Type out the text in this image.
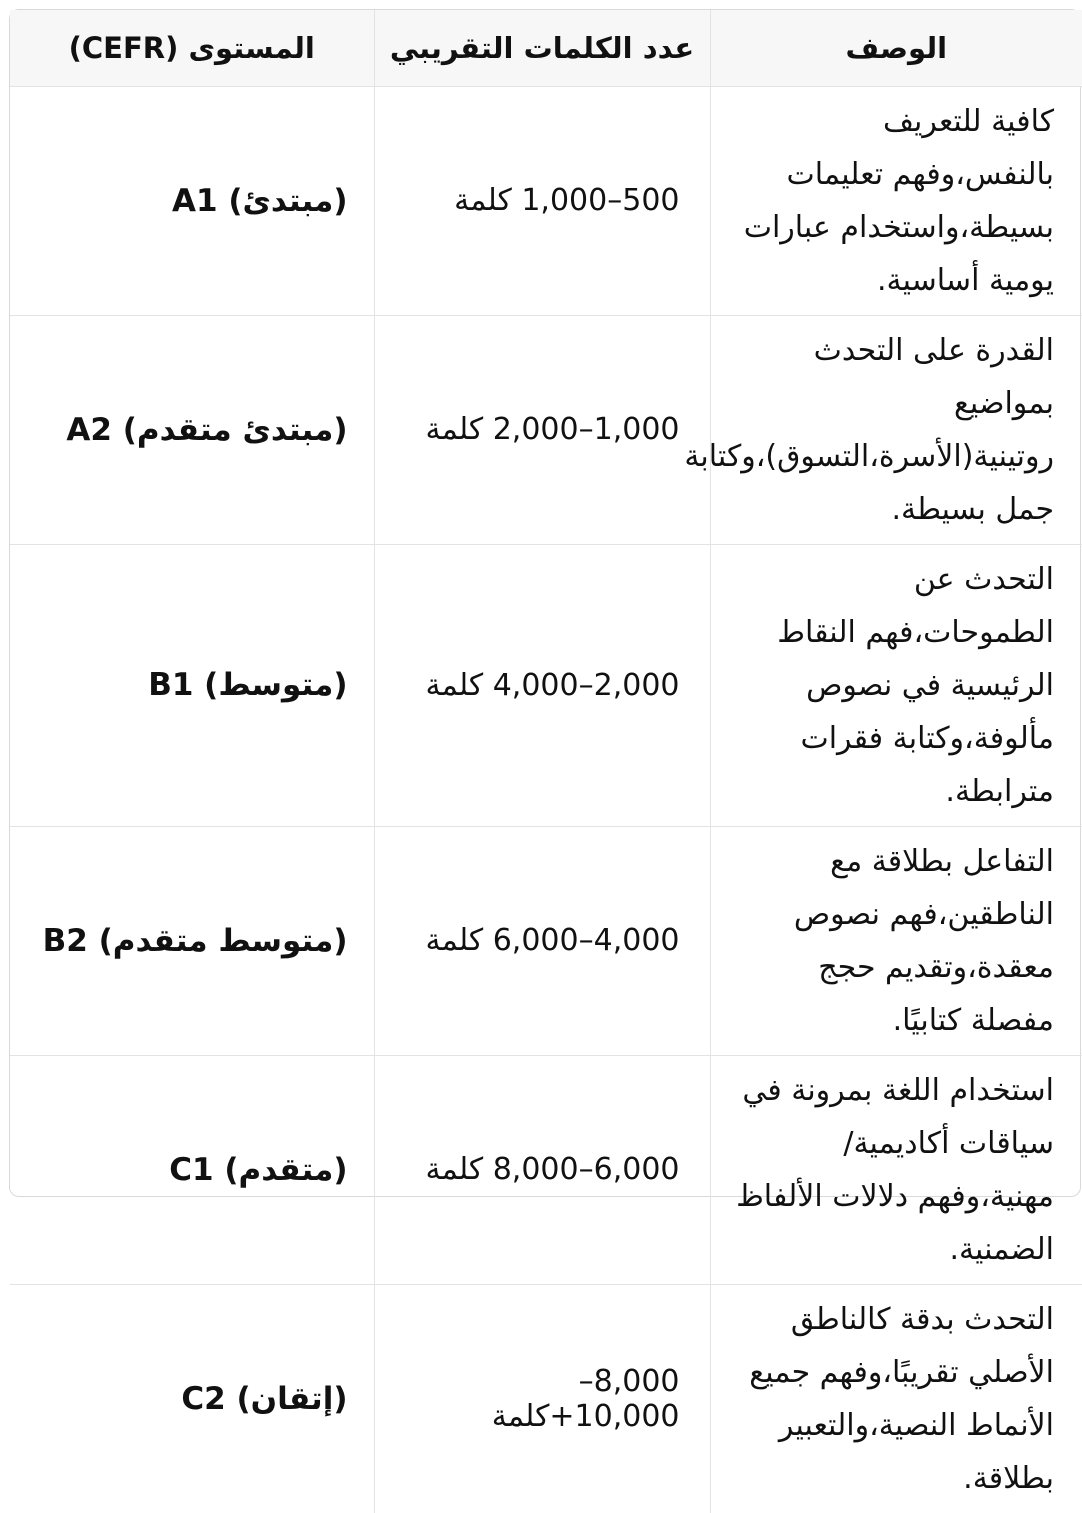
الوصف	عدد الكلمات التقريبي	المستوى (CEFR)
كافية للتعريف بالنفس،وفهم تعليمات بسيطة،واستخدام عبارات يومية أساسية.	500–1,000 كلمة	A1 (مبتدئ)
القدرة على التحدث بمواضيع روتينية(الأسرة،التسوق)،وكتابة جمل بسيطة.	1,000–2,000 كلمة	A2 (مبتدئ متقدم)
التحدث عن الطموحات،فهم النقاط الرئيسية في نصوص مألوفة،وكتابة فقرات مترابطة.	2,000–4,000 كلمة	B1 (متوسط)
التفاعل بطلاقة مع الناطقين،فهم نصوص معقدة،وتقديم حجج مفصلة كتابيًا.	4,000–6,000 كلمة	B2 (متوسط متقدم)
استخدام اللغة بمرونة في سياقات أكاديمية/مهنية،وفهم دلالات الألفاظ الضمنية.	6,000–8,000 كلمة	C1 (متقدم)
التحدث بدقة كالناطق الأصلي تقريبًا،وفهم جميع الأنماط النصية،والتعبير بطلاقة.	8,000–10,000+كلمة	C2 (إتقان)
